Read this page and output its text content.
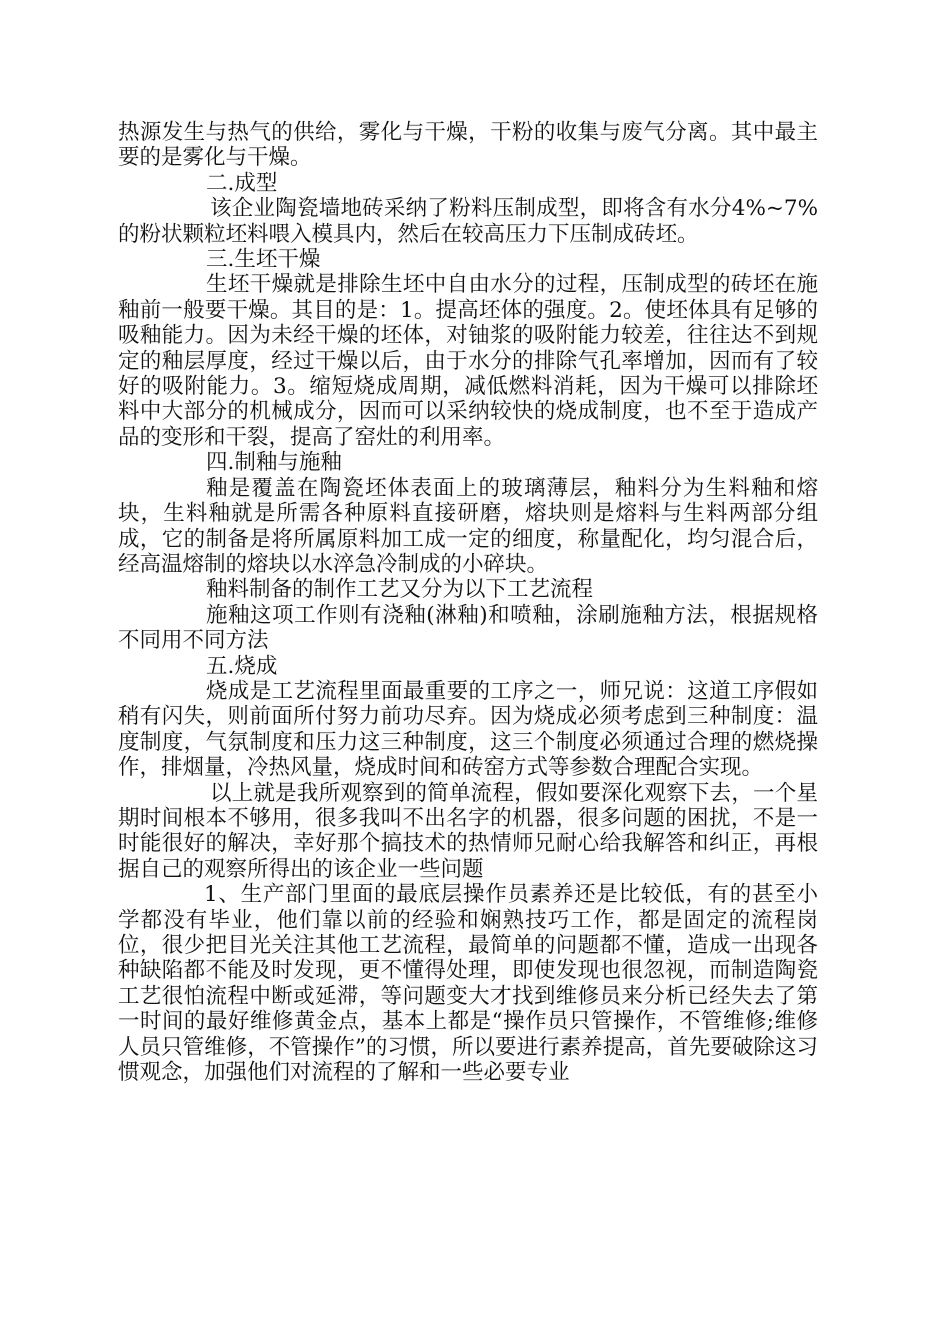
热源发生与热气的供给，雾化与干燥，干粉的收集与废气分离。其中最主要的是雾化与干燥。

二.成型

该企业陶瓷墙地砖采纳了粉料压制成型，即将含有水分4%~7%的粉状颗粒坯料喂入模具内，然后在较高压力下压制成砖坯。

三.生坯干燥

生坯干燥就是排除生坯中自由水分的过程，压制成型的砖坯在施釉前一般要干燥。其目的是：1。提高坯体的强度。2。使坯体具有足够的吸釉能力。因为未经干燥的坯体，对铀浆的吸附能力较差，往往达不到规定的釉层厚度，经过干燥以后，由于水分的排除气孔率增加，因而有了较好的吸附能力。3。缩短烧成周期，减低燃料消耗，因为干燥可以排除坯料中大部分的机械成分，因而可以采纳较快的烧成制度，也不至于造成产品的变形和干裂，提高了窑灶的利用率。

四.制釉与施釉

釉是覆盖在陶瓷坯体表面上的玻璃薄层，釉料分为生料釉和熔块，生料釉就是所需各种原料直接研磨，熔块则是熔料与生料两部分组成，它的制备是将所属原料加工成一定的细度，称量配化，均匀混合后，经高温熔制的熔块以水淬急冷制成的小碎块。

釉料制备的制作工艺又分为以下工艺流程

施釉这项工作则有浇釉(淋釉)和喷釉，涂刷施釉方法，根据规格不同用不同方法

五.烧成

烧成是工艺流程里面最重要的工序之一，师兄说：这道工序假如稍有闪失，则前面所付努力前功尽弃。因为烧成必须考虑到三种制度：温度制度，气氛制度和压力这三种制度，这三个制度必须通过合理的燃烧操作，排烟量，冷热风量，烧成时间和砖窑方式等参数合理配合实现。

以上就是我所观察到的简单流程，假如要深化观察下去，一个星期时间根本不够用，很多我叫不出名字的机器，很多问题的困扰，不是一时能很好的解决，幸好那个搞技术的热情师兄耐心给我解答和纠正，再根据自己的观察所得出的该企业一些问题

1、生产部门里面的最底层操作员素养还是比较低，有的甚至小学都没有毕业，他们靠以前的经验和娴熟技巧工作，都是固定的流程岗位，很少把目光关注其他工艺流程，最简单的问题都不懂，造成一出现各种缺陷都不能及时发现，更不懂得处理，即使发现也很忽视，而制造陶瓷工艺很怕流程中断或延滞，等问题变大才找到维修员来分析已经失去了第一时间的最好维修黄金点，基本上都是“操作员只管操作，不管维修;维修人员只管维修，不管操作”的习惯，所以要进行素养提高，首先要破除这习惯观念，加强他们对流程的了解和一些必要专业
